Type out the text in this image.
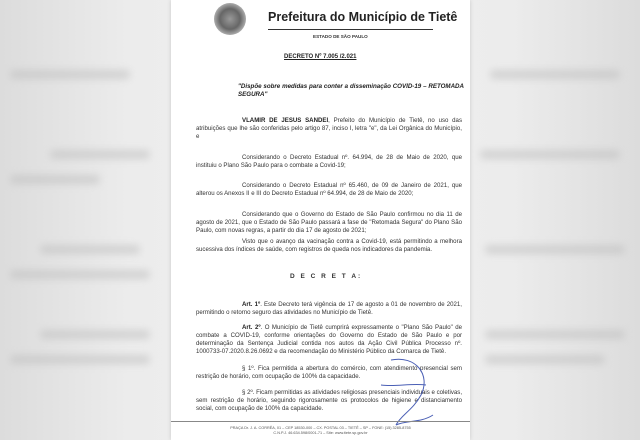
Prefeitura do Município de Tietê
ESTADO DE SÃO PAULO
DECRETO Nº 7.005 /2.021
"Dispõe sobre medidas para conter a disseminação COVID-19 – RETOMADA SEGURA"
VLAMIR DE JESUS SANDEI, Prefeito do Município de Tietê, no uso das atribuições que lhe são conferidas pelo artigo 87, inciso I, letra "e", da Lei Orgânica do Município, e
Considerando o Decreto Estadual nº. 64.994, de 28 de Maio de 2020, que instituiu o Plano São Paulo para o combate a Covid-19;
Considerando o Decreto Estadual nº 65.460, de 09 de Janeiro de 2021, que alterou os Anexos II e III do Decreto Estadual nº 64.994, de 28 de Maio de 2020;
Considerando que o Governo do Estado de São Paulo confirmou no dia 11 de agosto de 2021, que o Estado de São Paulo passará a fase de "Retomada Segura" do Plano São Paulo, com novas regras, a partir do dia 17 de agosto de 2021;
Visto que o avanço da vacinação contra a Covid-19, está permitindo a melhora sucessiva dos índices de saúde, com registros de queda nos indicadores da pandemia.
D E C R E T A:
Art. 1º. Este Decreto terá vigência de 17 de agosto a 01 de novembro de 2021, permitindo o retorno seguro das atividades no Município de Tietê.
Art. 2º. O Município de Tietê cumprirá expressamente o "Plano São Paulo" de combate a COVID-19, conforme orientações do Governo do Estado de São Paulo e por determinação da Sentença Judicial contida nos autos da Ação Civil Pública Processo nº. 1000733-07.2020.8.26.0692 e da recomendação do Ministério Público da Comarca de Tietê.
§ 1º. Fica permitida a abertura do comércio, com atendimento presencial sem restrição de horário, com ocupação de 100% da capacidade.
§ 2º. Ficam permitidas as atividades religiosas presenciais individuais e coletivas, sem restrição de horário, seguindo rigorosamente os protocolos de higiene e distanciamento social, com ocupação de 100% da capacidade.
PRAÇA Dr. J. A. CORRÊA, 01 – CEP 18530-000 – CX. POSTAL 03 – TIETÊ – SP – FONE: (15) 3285-8755
C.N.P.J. 46.634.598/0001-71 – Site: www.tiete.sp.gov.br
